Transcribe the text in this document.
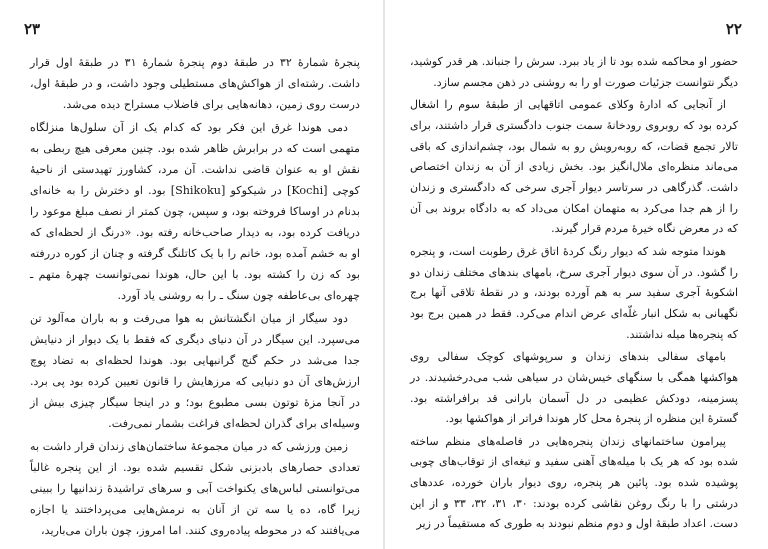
۲۳

پنجرهٔ شمارهٔ ۳۲ در طبقهٔ دوم پنجرهٔ شمارهٔ ۳۱ در طبقهٔ اول قرار داشت. رشته‌ای از هواکش‌های مستطیلی وجود داشت، و در طبقهٔ اول، درست روی زمین، دهانه‌هایی برای فاضلاب مستراح دیده می‌شد.

دمی هوندا غرق این فکر بود که کدام یک از آن سلول‌ها منزلگاه متهمی است که در برابرش ظاهر شده بود. چنین معرفی هیچ ربطی به نقش او به عنوان قاضی نداشت. آن مرد، کشاورز تهیدستی از ناحیهٔ کوچی [Kochi] در شیکوکو [Shikoku] بود. او دخترش را به خانه‌ای بدنام در اوساکا فروخته بود، و سپس، چون کمتر از نصف مبلغ موعود را دریافت کرده بود، به دیدار صاحب‌خانه رفته بود. «درنگ از لحظه‌ای که او به خشم آمده بود، خانم را با یک کاتلنگ گرفته و چنان از کوره دررفته بود که زن را کشته بود. با این حال، هوندا نمی‌توانست چهرهٔ متهم ـ چهره‌ای بی‌عاطفه چون سنگ ـ را به روشنی یاد آورد.

دود سیگار از میان انگشتانش به هوا می‌رفت و به باران مه‌آلود تن می‌سپرد. این سیگار در آن دنیای دیگری که فقط با یک دیوار از دنیایش جدا می‌شد در حکم گنج گرانبهایی بود. هوندا لحظه‌ای به تضاد پوچ ارزش‌های آن دو دنیایی که مرزهایش را قانون تعیین کرده بود پی برد. در آنجا مزهٔ توتون بسی مطبوع بود؛ و در اینجا سیگار چیزی بیش از وسیله‌ای برای گذران لحظه‌ای فراغت بشمار نمی‌رفت.

زمین ورزشی که در میان مجموعهٔ ساختمان‌های زندان قرار داشت به تعدادی حصارهای بادبزنی شکل تقسیم شده بود. از این پنجره غالباً می‌توانستی لباس‌های یکنواخت آبی و سرهای تراشیدهٔ زندانیها را ببینی زیرا گاه، ده یا سه تن از آنان به نرمش‌هایی می‌پرداختند یا اجازه می‌یافتند که در محوطه پیاده‌روی کنند. اما امروز، چون باران می‌بارید،

۲۲

حضور او محاکمه شده بود تا از یاد ببرد. سرش را جنباند. هر قدر کوشید، دیگر نتوانست جزئیات صورت او را به روشنی در ذهن مجسم سازد.

از آنجایی که ادارهٔ وکلای عمومی اتاقهایی از طبقهٔ سوم را اشغال کرده بود که روبروی رودخانهٔ سمت جنوب دادگستری قرار داشتند، برای تالار تجمع قضات، که روبه‌رویش رو به شمال بود، چشم‌اندازی که باقی می‌ماند منظره‌ای ملال‌انگیز بود. بخش زیادی از آن به زندان اختصاص داشت. گذرگاهی در سرتاسر دیوار آجری سرخی که دادگستری و زندان را از هم جدا می‌کرد به متهمان امکان می‌داد که به دادگاه بروند بی آن که در معرض نگاه خیرهٔ مردم قرار گیرند.

هوندا متوجه شد که دیوار رنگ کردهٔ اتاق غرق رطوبت است، و پنجره را گشود. در آن سوی دیوار آجری سرخ، بامهای بندهای مختلف زندان دو اشکوبهٔ آجری سفید سر به هم آورده بودند، و در نقطهٔ تلاقی آنها برج نگهبانی به شکل انبار غلّه‌ای عرض اندام می‌کرد. فقط در همین برج بود که پنجره‌ها میله نداشتند.

بامهای سفالی بندهای زندان و سرپوشهای کوچک سفالی روی هواکشها همگی با سنگهای خیس‌شان در سیاهی شب می‌درخشیدند. در پسزمینه، دودکش عظیمی در دل آسمان بارانی قد برافراشته بود. گسترهٔ این منظره از پنجرهٔ محل کار هوندا فراتر از هواکشها بود.

پیرامون ساختمانهای زندان پنجره‌هایی در فاصله‌های منظم ساخته شده بود که هر یک با میله‌های آهنی سفید و تیغه‌ای از تو‌قاب‌های چوبی پوشیده شده بود. پائین هر پنجره، روی دیوار باران خورده، عددهای درشتی را با رنگ روغن نقاشی کرده بودند: ۳۰، ۳۱، ۳۲، ۳۳ و از این دست. اعداد طبقهٔ اول و دوم منظم نبودند به طوری که مستقیماً در زیر
